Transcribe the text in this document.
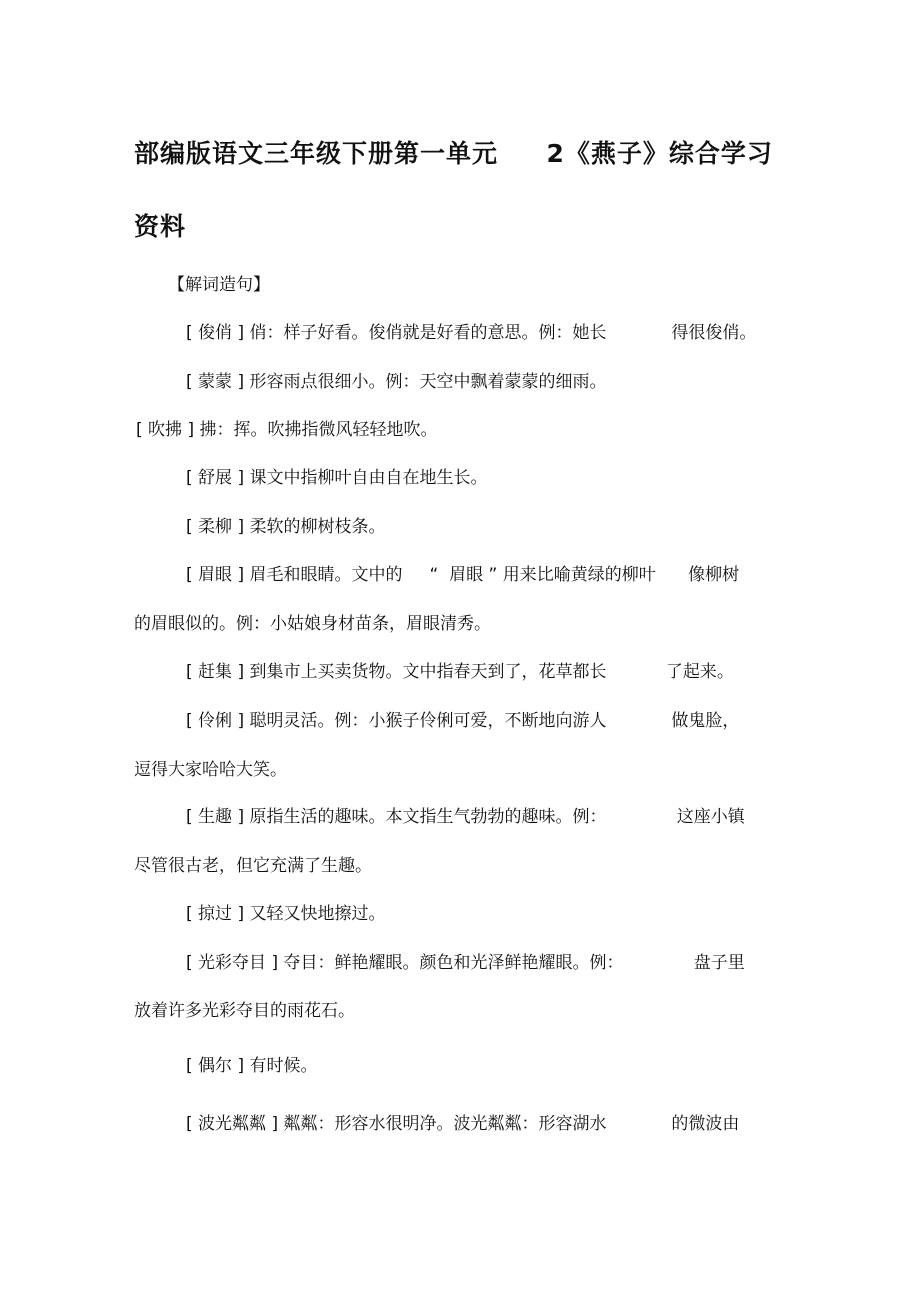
部编版语文三年级下册第一单元     2《燕子》综合学习
资料

【解词造句】

[ 俊俏 ] 俏：样子好看。俊俏就是好看的意思。例：她长            得很俊俏。

[ 蒙蒙 ] 形容雨点很细小。例：天空中飘着蒙蒙的细雨。

[ 吹拂 ] 拂：挥。吹拂指微风轻轻地吹。

[ 舒展 ] 课文中指柳叶自由自在地生长。

[ 柔柳 ] 柔软的柳树枝条。

[ 眉眼 ] 眉毛和眼睛。文中的     “  眉眼 ” 用来比喻黄绿的柳叶      像柳树

的眉眼似的。例：小姑娘身材苗条，眉眼清秀。

[ 赶集 ] 到集市上买卖货物。文中指春天到了，花草都长           了起来。

[ 伶俐 ] 聪明灵活。例：小猴子伶俐可爱，不断地向游人            做鬼脸，

逗得大家哈哈大笑。

[ 生趣 ] 原指生活的趣味。本文指生气勃勃的趣味。例：             这座小镇

尽管很古老，但它充满了生趣。

[ 掠过 ] 又轻又快地擦过。

[ 光彩夺目 ] 夺目：鲜艳耀眼。颜色和光泽鲜艳耀眼。例：             盘子里

放着许多光彩夺目的雨花石。

[ 偶尔 ] 有时候。

[ 波光粼粼 ] 粼粼：形容水很明净。波光粼粼：形容湖水            的微波由
